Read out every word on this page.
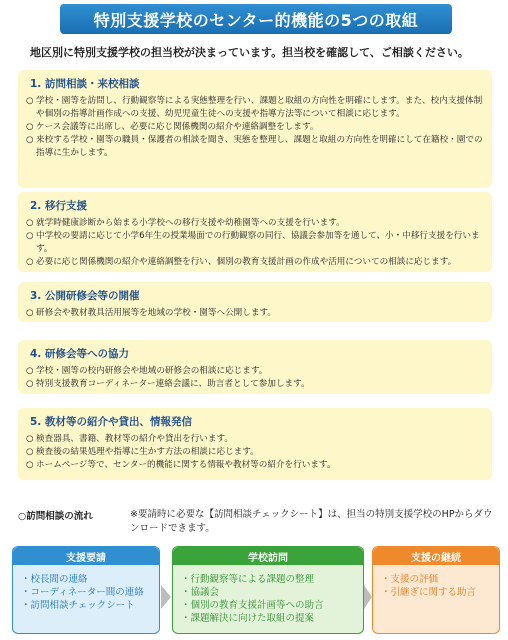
特別支援学校のセンター的機能の5つの取組
地区別に特別支援学校の担当校が決まっています。担当校を確認して、ご相談ください。
1. 訪問相談・来校相談
○ 学校・園等を訪問し、行動観察等による実態整理を行い、課題と取組の方向性を明確にします。また、校内支援体制や個別の指導計画作成への支援、幼児児童生徒への支援や指導方法等について相談に応じます。
○ ケース会議等に出席し、必要に応じ関係機関の紹介や連絡調整をします。
○ 来校する学校・園等の職員・保護者の相談を聞き、実態を整理し、課題と取組の方向性を明確にして在籍校・園での指導に生かします。
2. 移行支援
○ 就学時健康診断から始まる小学校への移行支援や幼稚園等への支援を行います。
○ 中学校の要請に応じて小学6年生の授業場面での行動観察の同行、協議会参加等を通して、小・中移行支援を行います。
○ 必要に応じ関係機関の紹介や連絡調整を行い、個別の教育支援計画の作成や活用についての相談に応じます。
3. 公開研修会等の開催
○ 研修会や教材教具活用展等を地域の学校・園等へ公開します。
4. 研修会等への協力
○ 学校・園等の校内研修会や地域の研修会の相談に応じます。
○ 特別支援教育コーディネーター連絡会議に、助言者として参加します。
5. 教材等の紹介や貸出、情報発信
○ 検査器具、書籍、教材等の紹介や貸出を行います。
○ 検査後の結果処理や指導に生かす方法の相談に応じます。
○ ホームページ等で、センター的機能に関する情報や教材等の紹介を行います。
○訪問相談の流れ	※要請時に必要な【訪問相談チェックシート】は、担当の特別支援学校のHPからダウンロードできます。
支援要請
・校長間の連絡
・コーディネーター間の連絡
・訪問相談チェックシート
学校訪問
・行動観察等による課題の整理
・協議会
・個別の教育支援計画等への助言
・課題解決に向けた取組の提案
支援の継続
・支援の評価
・引継ぎに関する助言
